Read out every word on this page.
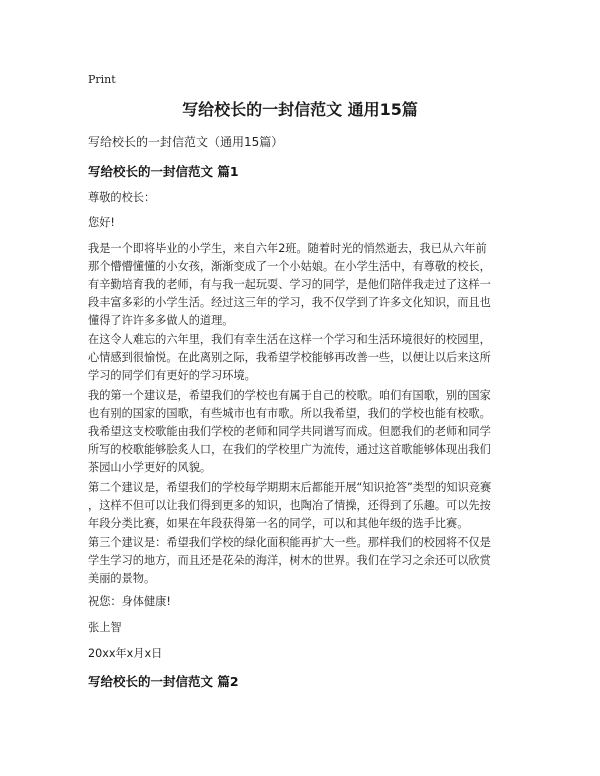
Print
写给校长的一封信范文 通用15篇
写给校长的一封信范文（通用15篇）
写给校长的一封信范文 篇1
尊敬的校长：
您好!
我是一个即将毕业的小学生，来自六年2班。随着时光的悄然逝去，我已从六年前
那个懵懵懂懂的小女孩，渐渐变成了一个小姑娘。在小学生活中，有尊敬的校长，
有辛勤培育我的老师，有与我一起玩耍、学习的同学，是他们陪伴我走过了这样一
段丰富多彩的小学生活。经过这三年的学习，我不仅学到了许多文化知识，而且也
懂得了许许多多做人的道理。
在这令人难忘的六年里，我们有幸生活在这样一个学习和生活环境很好的校园里，
心情感到很愉悦。在此离别之际，我希望学校能够再改善一些，以便让以后来这所
学习的同学们有更好的学习环境。
我的第一个建议是，希望我们的学校也有属于自己的校歌。咱们有国歌，别的国家
也有别的国家的国歌，有些城市也有市歌。所以我希望，我们的学校也能有校歌。
我希望这支校歌能由我们学校的老师和同学共同谱写而成。但愿我们的老师和同学
所写的校歌能够脍炙人口，在我们的学校里广为流传，通过这首歌能够体现出我们
茶园山小学更好的风貌。
第二个建议是，希望我们的学校每学期期末后都能开展“知识抢答”类型的知识竞赛
，这样不但可以让我们得到更多的知识，也陶冶了情操，还得到了乐趣。可以先按
年段分类比赛，如果在年段获得第一名的同学，可以和其他年级的选手比赛。
第三个建议是：希望我们学校的绿化面积能再扩大一些。那样我们的校园将不仅是
学生学习的地方，而且还是花朵的海洋，树木的世界。我们在学习之余还可以欣赏
美丽的景物。
祝您：身体健康!
张上智
20xx年x月x日
写给校长的一封信范文 篇2
